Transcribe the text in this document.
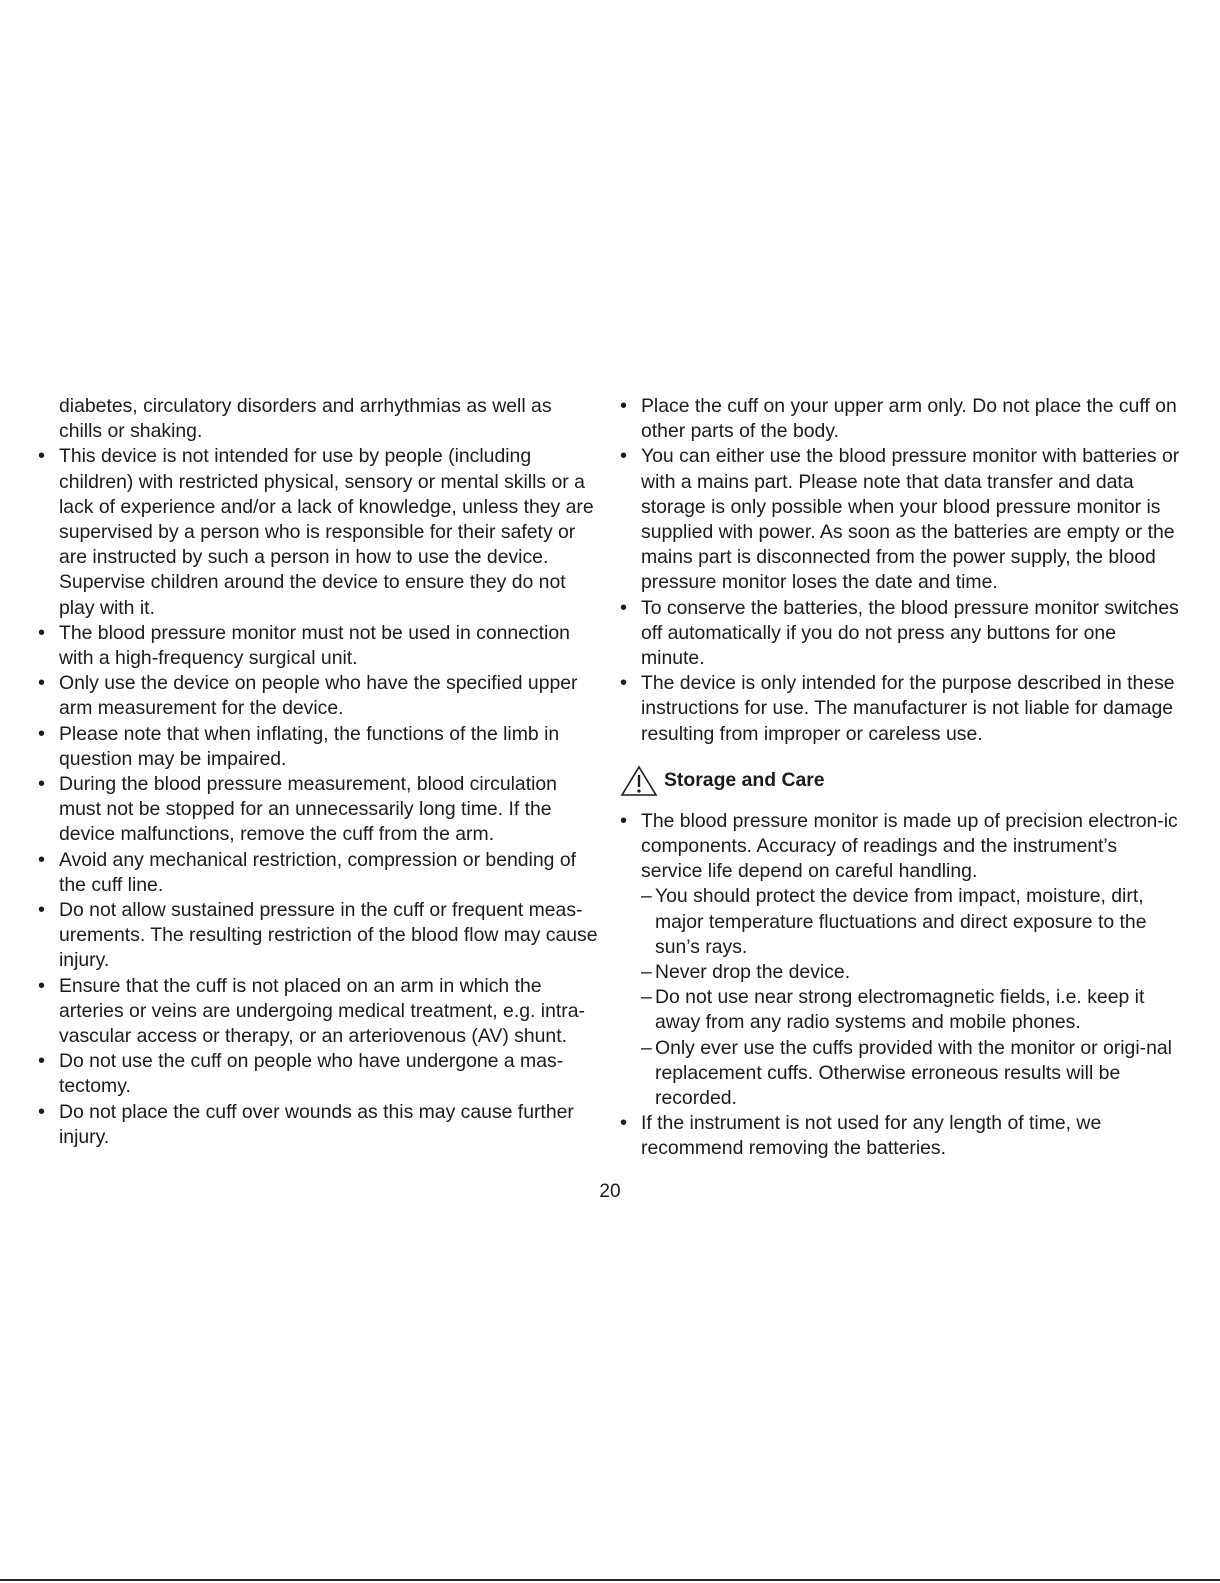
diabetes, circulatory disorders and arrhythmias as well as chills or shaking.
• This device is not intended for use by people (including children) with restricted physical, sensory or mental skills or a lack of experience and/or a lack of knowledge, unless they are supervised by a person who is responsible for their safety or are instructed by such a person in how to use the device. Supervise children around the device to ensure they do not play with it.
• The blood pressure monitor must not be used in connection with a high-frequency surgical unit.
• Only use the device on people who have the specified upper arm measurement for the device.
• Please note that when inflating, the functions of the limb in question may be impaired.
• During the blood pressure measurement, blood circulation must not be stopped for an unnecessarily long time. If the device malfunctions, remove the cuff from the arm.
• Avoid any mechanical restriction, compression or bending of the cuff line.
• Do not allow sustained pressure in the cuff or frequent meas-urements. The resulting restriction of the blood flow may cause injury.
• Ensure that the cuff is not placed on an arm in which the arteries or veins are undergoing medical treatment, e.g. intra-vascular access or therapy, or an arteriovenous (AV) shunt.
• Do not use the cuff on people who have undergone a mas-tectomy.
• Do not place the cuff over wounds as this may cause further injury.
• Place the cuff on your upper arm only. Do not place the cuff on other parts of the body.
• You can either use the blood pressure monitor with batteries or with a mains part. Please note that data transfer and data storage is only possible when your blood pressure monitor is supplied with power. As soon as the batteries are empty or the mains part is disconnected from the power supply, the blood pressure monitor loses the date and time.
• To conserve the batteries, the blood pressure monitor switches off automatically if you do not press any buttons for one minute.
• The device is only intended for the purpose described in these instructions for use. The manufacturer is not liable for damage resulting from improper or careless use.
Storage and Care
• The blood pressure monitor is made up of precision electron-ic components. Accuracy of readings and the instrument’s service life depend on careful handling.
– You should protect the device from impact, moisture, dirt, major temperature fluctuations and direct exposure to the sun’s rays.
– Never drop the device.
– Do not use near strong electromagnetic fields, i.e. keep it away from any radio systems and mobile phones.
– Only ever use the cuffs provided with the monitor or origi-nal replacement cuffs. Otherwise erroneous results will be recorded.
• If the instrument is not used for any length of time, we recommend removing the batteries.
20
